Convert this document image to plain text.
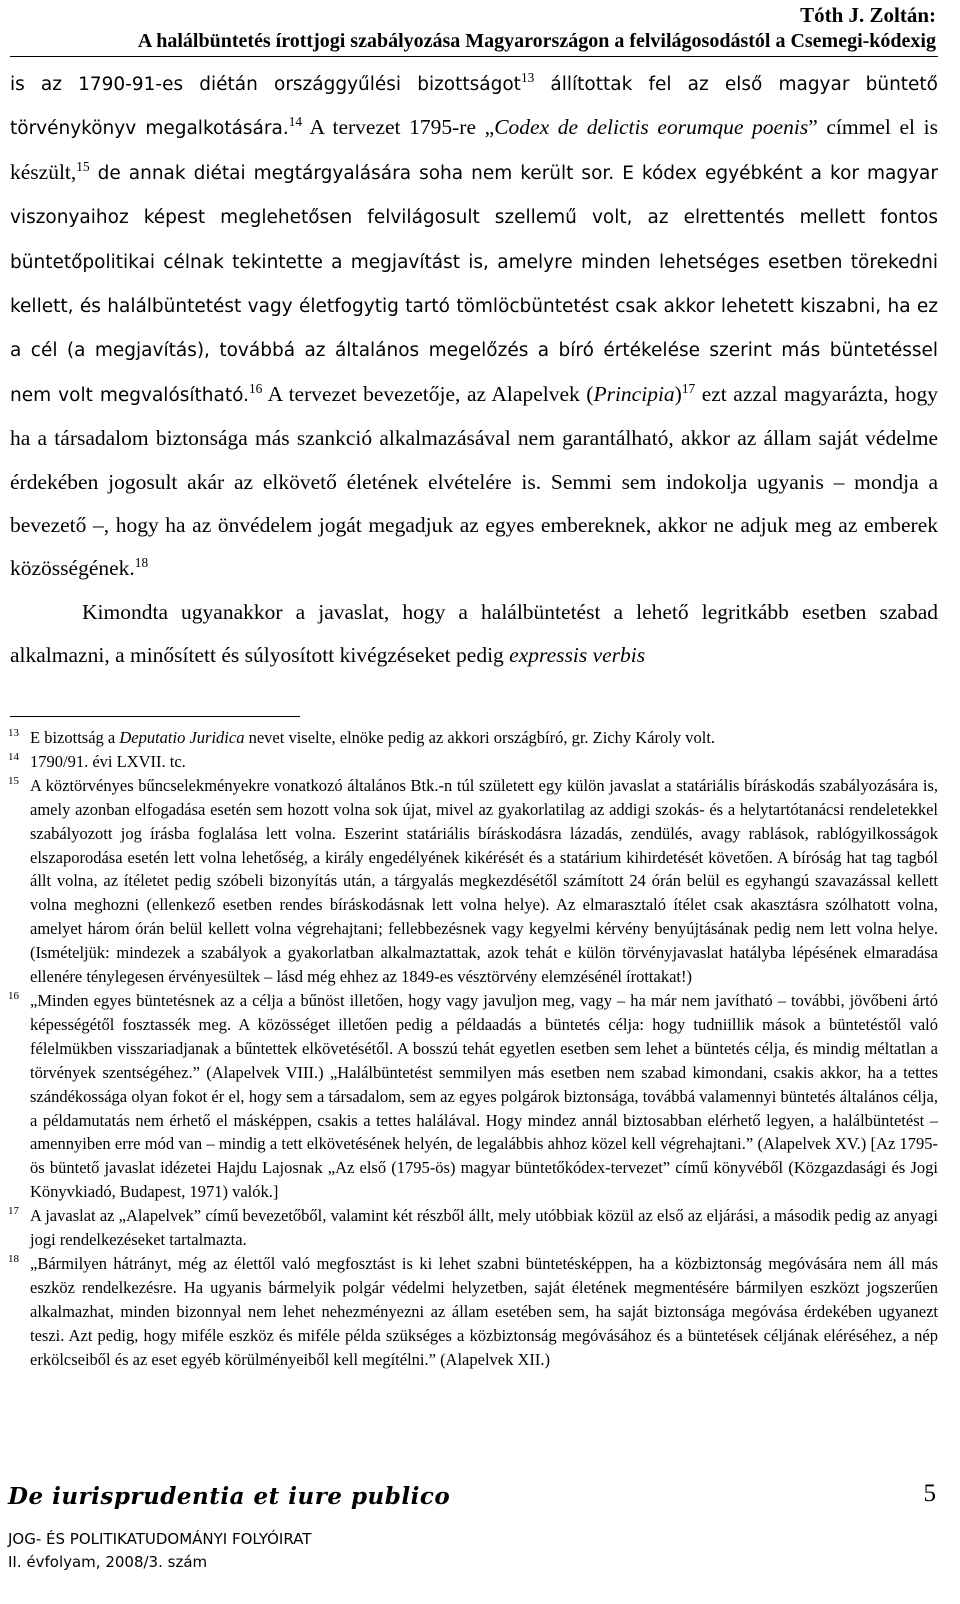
Tóth J. Zoltán:
A halálbüntetés írottjogi szabályozása Magyarországon a felvilágosodástól a Csemegi-kódexig

is az 1790-91-es diétán országgyűlési bizottságot$^{13}$ állítottak fel az első magyar büntető törvénykönyv megalkotására.$^{14}$ A tervezet 1795-re „Codex de delictis eorumque poenis” címmel el is készült,$^{15}$ de annak diétai megtárgyalására soha nem került sor. E kódex egyébként a kor magyar viszonyaihoz képest meglehetősen felvilágosult szellemű volt, az elrettentés mellett fontos büntetőpolitikai célnak tekintette a megjavítást is, amelyre minden lehetséges esetben törekedni kellett, és halálbüntetést vagy életfogytig tartó tömlöcbüntetést csak akkor lehetett kiszabni, ha ez a cél (a megjavítás), továbbá az általános megelőzés a bíró értékelése szerint más büntetéssel nem volt megvalósítható.$^{16}$ A tervezet bevezetője, az Alapelvek (Principia)$^{17}$ ezt azzal magyarázta, hogy ha a társadalom biztonsága más szankció alkalmazásával nem garantálható, akkor az állam saját védelme érdekében jogosult akár az elkövető életének elvételére is. Semmi sem indokolja ugyanis – mondja a bevezető –, hogy ha az önvédelem jogát megadjuk az egyes embereknek, akkor ne adjuk meg az emberek közösségének.$^{18}$

Kimondta ugyanakkor a javaslat, hogy a halálbüntetést a lehető legritkább esetben szabad alkalmazni, a minősített és súlyosított kivégzéseket pedig expressis verbis

13 E bizottság a Deputatio Juridica nevet viselte, elnöke pedig az akkori országbíró, gr. Zichy Károly volt.
14 1790/91. évi LXVII. tc.
15 A köztörvényes bűncselekményekre vonatkozó általános Btk.-n túl született egy külön javaslat a statáriális bíráskodás szabályozására is, amely azonban elfogadása esetén sem hozott volna sok újat, mivel az gyakorlatilag az addigi szokás- és a helytartótanácsi rendeletekkel szabályozott jog írásba foglalása lett volna. Eszerint statáriális bíráskodásra lázadás, zendülés, avagy rablások, rablógyilkosságok elszaporodása esetén lett volna lehetőség, a király engedélyének kikérését és a statárium kihirdetését követően. A bíróság hat tag tagból állt volna, az ítéletet pedig szóbeli bizonyítás után, a tárgyalás megkezdésétől számított 24 órán belül es egyhangú szavazással kellett volna meghozni (ellenkező esetben rendes bíráskodásnak lett volna helye). Az elmarasztaló ítélet csak akasztásra szólhatott volna, amelyet három órán belül kellett volna végrehajtani; fellebbezésnek vagy kegyelmi kérvény benyújtásának pedig nem lett volna helye. (Ismételjük: mindezek a szabályok a gyakorlatban alkalmaztattak, azok tehát e külön törvényjavaslat hatályba lépésének elmaradása ellenére ténylegesen érvényesültek – lásd még ehhez az 1849-es vésztörvény elemzésénél írottakat!)
16 „Minden egyes büntetésnek az a célja a bűnöst illetően, hogy vagy javuljon meg, vagy – ha már nem javítható – további, jövőbeni ártó képességétől fosztassék meg. A közösséget illetően pedig a példaadás a büntetés célja: hogy tudniillik mások a büntetéstől való félelmükben visszariadjanak a bűntettek elkövetésétől. A bosszú tehát egyetlen esetben sem lehet a büntetés célja, és mindig méltatlan a törvények szentségéhez.” (Alapelvek VIII.) „Halálbüntetést semmilyen más esetben nem szabad kimondani, csakis akkor, ha a tettes szándékossága olyan fokot ér el, hogy sem a társadalom, sem az egyes polgárok biztonsága, továbbá valamennyi büntetés általános célja, a példamutatás nem érhető el másképpen, csakis a tettes halálával. Hogy mindez annál biztosabban elérhető legyen, a halálbüntetést – amennyiben erre mód van – mindig a tett elkövetésének helyén, de legalábbis ahhoz közel kell végrehajtani.” (Alapelvek XV.) [Az 1795-ös büntető javaslat idézetei Hajdu Lajosnak „Az első (1795-ös) magyar büntetőkódex-tervezet” című könyvéből (Közgazdasági és Jogi Könyvkiadó, Budapest, 1971) valók.]
17 A javaslat az „Alapelvek” című bevezetőből, valamint két részből állt, mely utóbbiak közül az első az eljárási, a második pedig az anyagi jogi rendelkezéseket tartalmazta.
18 „Bármilyen hátrányt, még az élettől való megfosztást is ki lehet szabni büntetésképpen, ha a közbiztonság megóvására nem áll más eszköz rendelkezésre. Ha ugyanis bármelyik polgár védelmi helyzetben, saját életének megmentésére bármilyen eszközt jogszerűen alkalmazhat, minden bizonnyal nem lehet nehezményezni az állam esetében sem, ha saját biztonsága megóvása érdekében ugyanezt teszi. Azt pedig, hogy miféle eszköz és miféle példa szükséges a közbiztonság megóvásához és a büntetések céljának eléréséhez, a nép erkölcseiből és az eset egyéb körülményeiből kell megítélni.” (Alapelvek XII.)
De iurisprudentia et iure publico
JOG- ÉS POLITIKATUDOMÁNYI FOLYÓIRAT
II. évfolyam, 2008/3. szám
5
